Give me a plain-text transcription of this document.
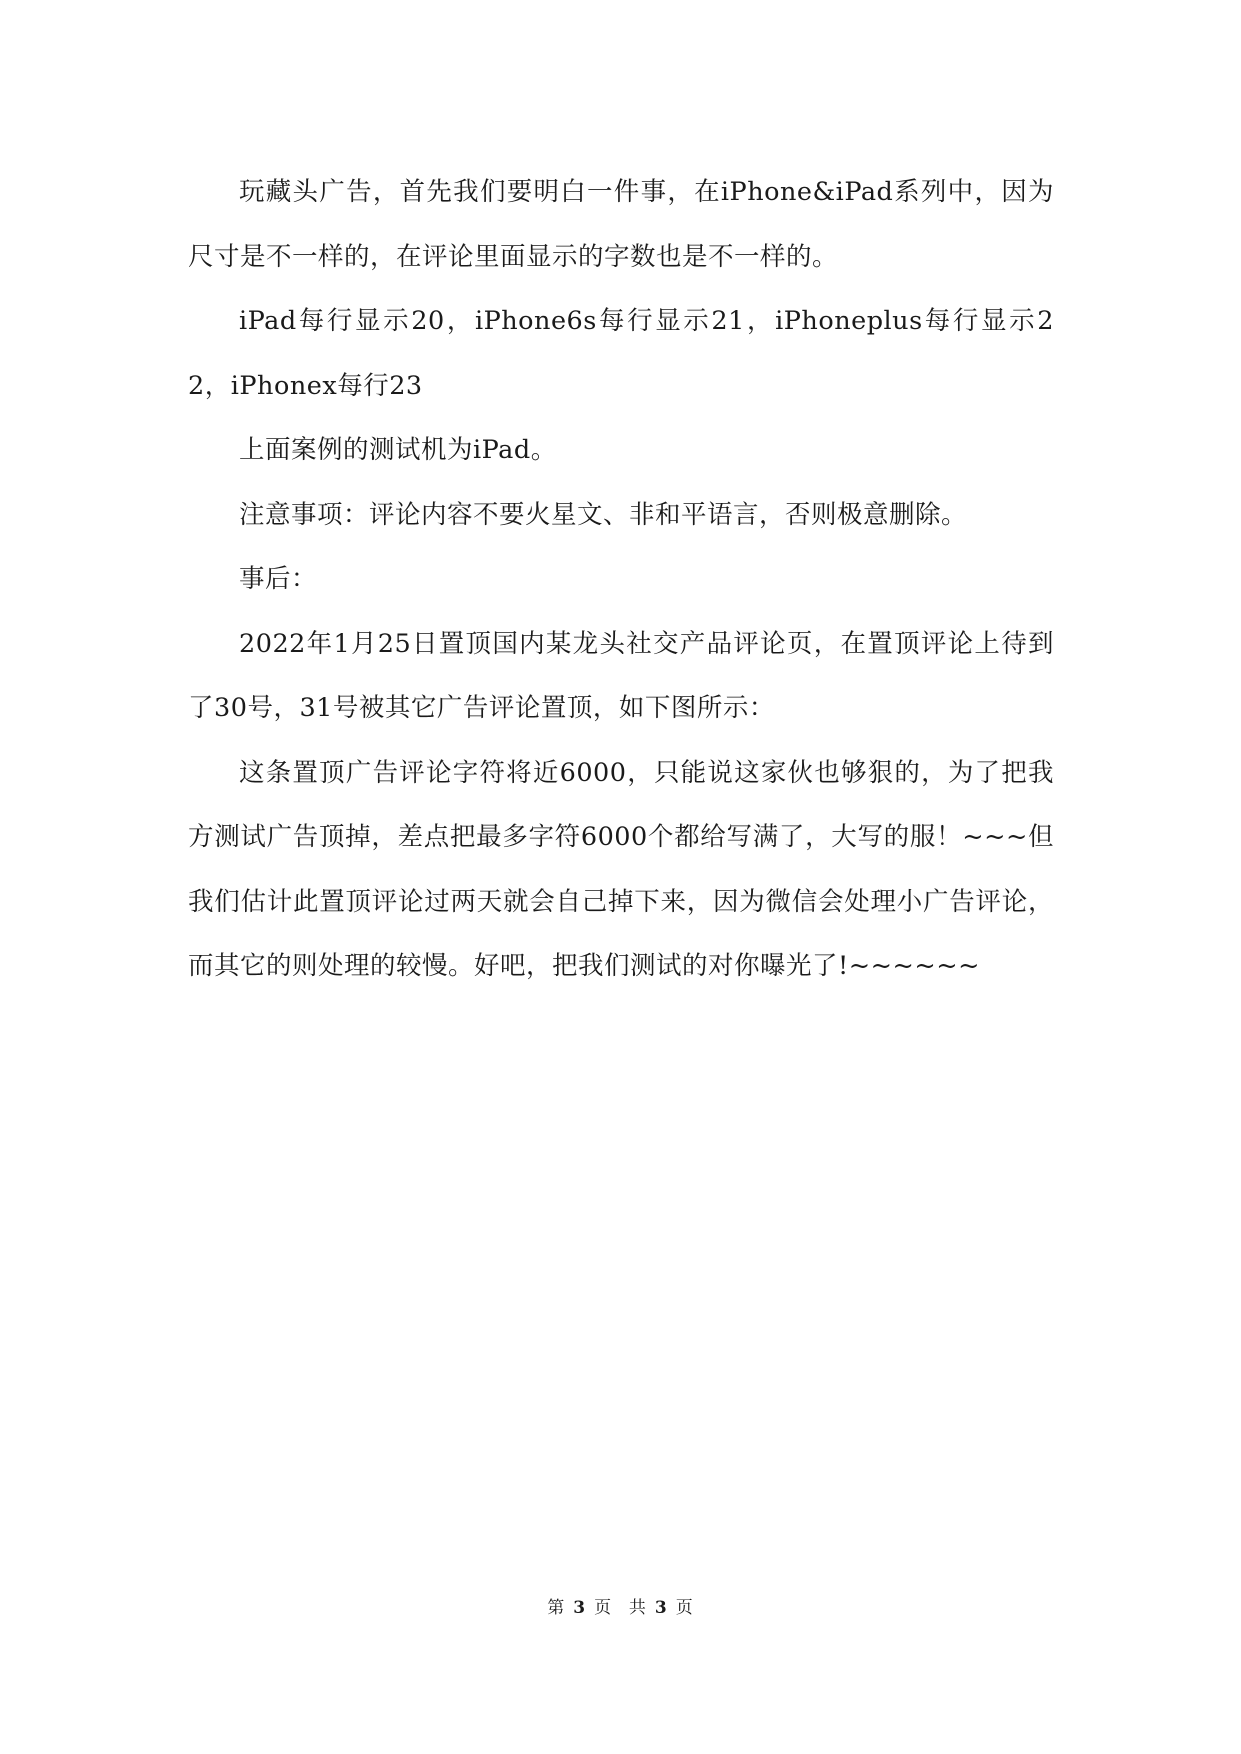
玩藏头广告，首先我们要明白一件事，在iPhone&iPad系列中，因为尺寸是不一样的，在评论里面显示的字数也是不一样的。

iPad每行显示20，iPhone6s每行显示21，iPhoneplus每行显示22，iPhonex每行23

上面案例的测试机为iPad。

注意事项：评论内容不要火星文、非和平语言，否则极意删除。

事后：

2022年1月25日置顶国内某龙头社交产品评论页，在置顶评论上待到了30号，31号被其它广告评论置顶，如下图所示：

这条置顶广告评论字符将近6000，只能说这家伙也够狠的，为了把我方测试广告顶掉，差点把最多字符6000个都给写满了，大写的服！~~~但我们估计此置顶评论过两天就会自己掉下来，因为微信会处理小广告评论，而其它的则处理的较慢。好吧，把我们测试的对你曝光了!~~~~~~

第 3 页 共 3 页
